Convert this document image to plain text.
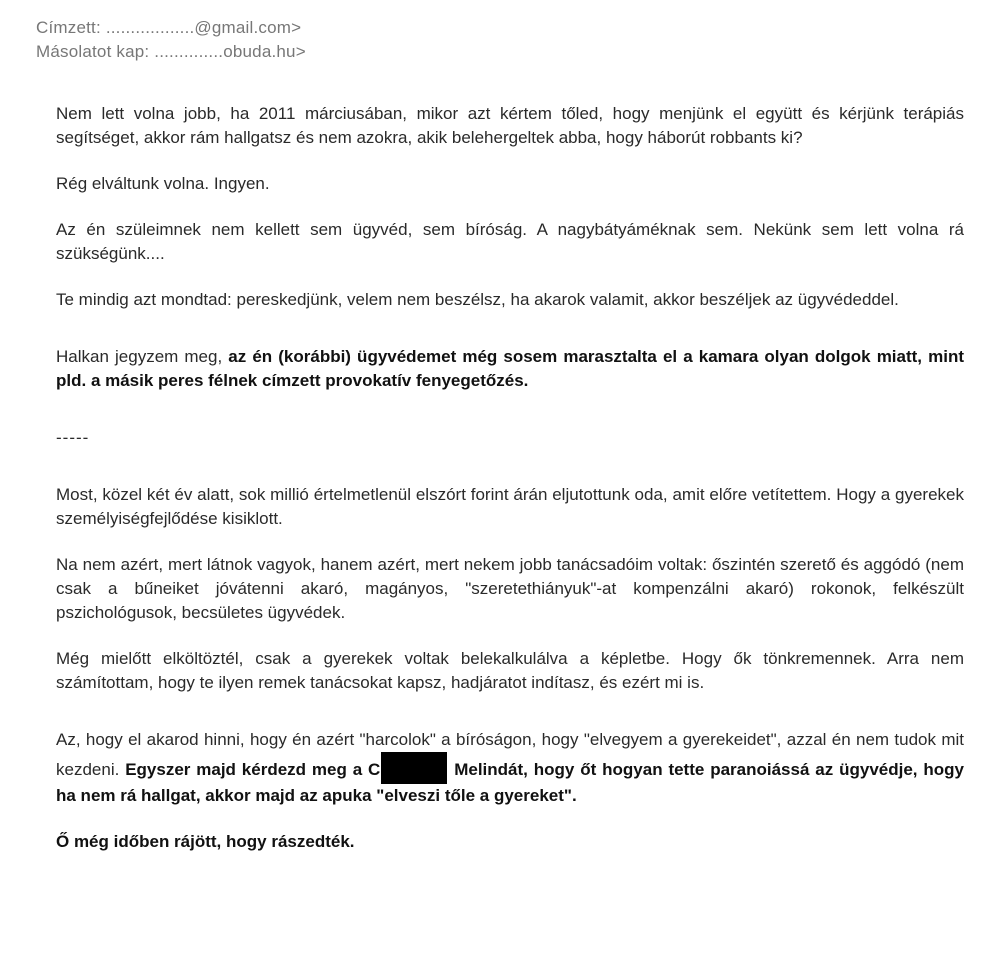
Címzett: ..................@gmail.com>
Másolatot kap: ..............obuda.hu>

Nem lett volna jobb, ha 2011 márciusában, mikor azt kértem tőled, hogy menjünk el együtt és kérjünk terápiás segítséget, akkor rám hallgatsz és nem azokra, akik belehergeltek abba, hogy háborút robbants ki?

Rég elváltunk volna. Ingyen.

Az én szüleimnek nem kellett sem ügyvéd, sem bíróság. A nagybátyáméknak sem. Nekünk sem lett volna rá szükségünk....

Te mindig azt mondtad: pereskedjünk, velem nem beszélsz, ha akarok valamit, akkor beszéljek az ügyvédeddel.

Halkan jegyzem meg, az én (korábbi) ügyvédemet még sosem marasztalta el a kamara olyan dolgok miatt, mint pld. a másik peres félnek címzett provokatív fenyegetőzés.

-----

Most, közel két év alatt, sok millió értelmetlenül elszórt forint árán eljutottunk oda, amit előre vetítettem. Hogy a gyerekek személyiségfejlődése kisiklott.

Na nem azért, mert látnok vagyok, hanem azért, mert nekem jobb tanácsadóim voltak: őszintén szerető és aggódó (nem csak a bűneiket jóvátenni akaró, magányos, "szeretethiányuk"-at kompenzálni akaró) rokonok, felkészült pszichológusok, becsületes ügyvédek.

Még mielőtt elköltöztél, csak a gyerekek voltak belekalkulálva a képletbe. Hogy ők tönkremennek. Arra nem számítottam, hogy te ilyen remek tanácsokat kapsz, hadjáratot indítasz, és ezért mi is.

Az, hogy el akarod hinni, hogy én azért "harcolok" a bíróságon, hogy "elvegyem a gyerekeidet", azzal én nem tudok mit kezdeni. Egyszer majd kérdezd meg a C	Melindát, hogy őt hogyan tette paranoiássá az ügyvédje, hogy ha nem rá hallgat, akkor majd az apuka "elveszi tőle a gyereket".

Ő még időben rájött, hogy rászedték.
